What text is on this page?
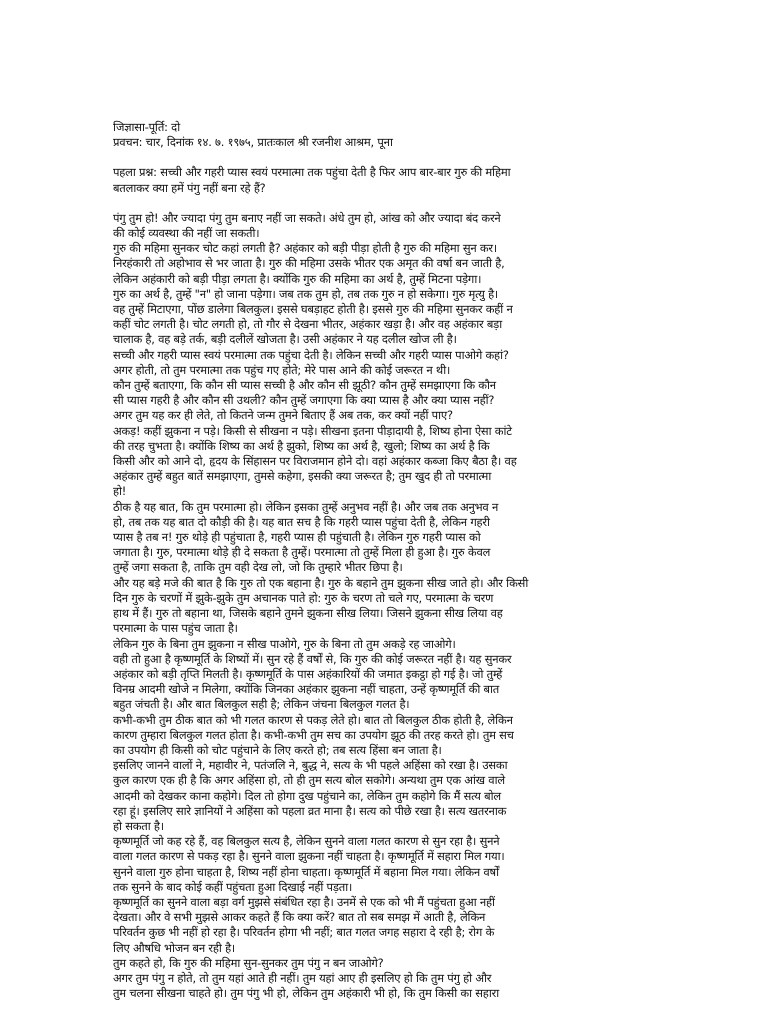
जिज्ञासा-पूर्ति: दो
प्रवचन: चार, दिनांक १४. ७. १९७५, प्रातःकाल श्री रजनीश आश्रम, पूना
पहला प्रश्न: सच्ची और गहरी प्यास स्वयं परमात्मा तक पहुंचा देती है फिर आप बार-बार गुरु की महिमा
बतलाकर क्या हमें पंगु नहीं बना रहे हैं?
पंगु तुम हो! और ज्यादा पंगु तुम बनाए नहीं जा सकते। अंधे तुम हो, आंख को और ज्यादा बंद करने
की कोई व्यवस्था की नहीं जा सकती।
गुरु की महिमा सुनकर चोट कहां लगती है? अहंकार को बड़ी पीड़ा होती है गुरु की महिमा सुन कर।
निरहंकारी तो अहोभाव से भर जाता है। गुरु की महिमा उसके भीतर एक अमृत की वर्षा बन जाती है,
लेकिन अहंकारी को बड़ी पीड़ा लगता है। क्योंकि गुरु की महिमा का अर्थ है, तुम्हें मिटना पड़ेगा।
गुरु का अर्थ है, तुम्हें "न" हो जाना पड़ेगा। जब तक तुम हो, तब तक गुरु न हो सकेगा। गुरु मृत्यु है।
वह तुम्हें मिटाएगा, पोंछ डालेगा बिलकुल। इससे घबड़ाहट होती है। इससे गुरु की महिमा सुनकर कहीं न
कहीं चोट लगती है। चोट लगती हो, तो गौर से देखना भीतर, अहंकार खड़ा है। और वह अहंकार बड़ा
चालाक है, वह बड़े तर्क, बड़ी दलीलें खोजता है। उसी अहंकार ने यह दलील खोज ली है।
सच्ची और गहरी प्यास स्वयं परमात्मा तक पहुंचा देती है। लेकिन सच्ची और गहरी प्यास पाओगे कहां?
अगर होती, तो तुम परमात्मा तक पहुंच गए होते; मेरे पास आने की कोई जरूरत न थी।
कौन तुम्हें बताएगा, कि कौन सी प्यास सच्ची है और कौन सी झूठी? कौन तुम्हें समझाएगा कि कौन
सी प्यास गहरी है और कौन सी उथली? कौन तुम्हें जगाएगा कि क्या प्यास है और क्या प्यास नहीं?
अगर तुम यह कर ही लेते, तो कितने जन्म तुमने बिताए हैं अब तक, कर क्यों नहीं पाए?
अकड़! कहीं झुकना न पड़े। किसी से सीखना न पड़े। सीखना इतना पीड़ादायी है, शिष्य होना ऐसा कांटे
की तरह चुभता है। क्योंकि शिष्य का अर्थ है झुको, शिष्य का अर्थ है, खुलो; शिष्य का अर्थ है कि
किसी और को आने दो, हृदय के सिंहासन पर विराजमान होने दो। वहां अहंकार कब्जा किए बैठा है। वह
अहंकार तुम्हें बहुत बातें समझाएगा, तुमसे कहेगा, इसकी क्या जरूरत है; तुम खुद ही तो परमात्मा
हो!
ठीक है यह बात, कि तुम परमात्मा हो। लेकिन इसका तुम्हें अनुभव नहीं है। और जब तक अनुभव न
हो, तब तक यह बात दो कौड़ी की है। यह बात सच है कि गहरी प्यास पहुंचा देती है, लेकिन गहरी
प्यास है तब न! गुरु थोड़े ही पहुंचाता है, गहरी प्यास ही पहुंचाती है। लेकिन गुरु गहरी प्यास को
जगाता है। गुरु, परमात्मा थोड़े ही दे सकता है तुम्हें। परमात्मा तो तुम्हें मिला ही हुआ है। गुरु केवल
तुम्हें जगा सकता है, ताकि तुम वही देख लो, जो कि तुम्हारे भीतर छिपा है।
और यह बड़े मजे की बात है कि गुरु तो एक बहाना है। गुरु के बहाने तुम झुकना सीख जाते हो। और किसी
दिन गुरु के चरणों में झुके-झुके तुम अचानक पाते हो: गुरु के चरण तो चले गए, परमात्मा के चरण
हाथ में हैं। गुरु तो बहाना था, जिसके बहाने तुमने झुकना सीख लिया। जिसने झुकना सीख लिया वह
परमात्मा के पास पहुंच जाता है।
लेकिन गुरु के बिना तुम झुकना न सीख पाओगे, गुरु के बिना तो तुम अकड़े रह जाओगे।
वही तो हुआ है कृष्णमूर्ति के शिष्यों में। सुन रहे हैं वर्षों से, कि गुरु की कोई जरूरत नहीं है। यह सुनकर
अहंकार को बड़ी तृप्ति मिलती है। कृष्णमूर्ति के पास अहंकारियों की जमात इकट्ठा हो गई है। जो तुम्हें
विनम्र आदमी खोजे न मिलेगा, क्योंकि जिनका अहंकार झुकना नहीं चाहता, उन्हें कृष्णमूर्ति की बात
बहुत जंचती है। और बात बिलकुल सही है; लेकिन जंचना बिलकुल गलत है।
कभी-कभी तुम ठीक बात को भी गलत कारण से पकड़ लेते हो। बात तो बिलकुल ठीक होती है, लेकिन
कारण तुम्हारा बिलकुल गलत होता है। कभी-कभी तुम सच का उपयोग झूठ की तरह करते हो। तुम सच
का उपयोग ही किसी को चोट पहुंचाने के लिए करते हो; तब सत्य हिंसा बन जाता है।
इसलिए जानने वालों ने, महावीर ने, पतंजलि ने, बुद्ध ने, सत्य के भी पहले अहिंसा को रखा है। उसका
कुल कारण एक ही है कि अगर अहिंसा हो, तो ही तुम सत्य बोल सकोगे। अन्यथा तुम एक आंख वाले
आदमी को देखकर काना कहोगे। दिल तो होगा दुख पहुंचाने का, लेकिन तुम कहोगे कि मैं सत्य बोल
रहा हूं। इसलिए सारे ज्ञानियों ने अहिंसा को पहला व्रत माना है। सत्य को पीछे रखा है। सत्य खतरनाक
हो सकता है।
कृष्णमूर्ति जो कह रहे हैं, वह बिलकुल सत्य है, लेकिन सुनने वाला गलत कारण से सुन रहा है। सुनने
वाला गलत कारण से पकड़ रहा है। सुनने वाला झुकना नहीं चाहता है। कृष्णमूर्ति में सहारा मिल गया।
सुनने वाला गुरु होना चाहता है, शिष्य नहीं होना चाहता। कृष्णमूर्ति में बहाना मिल गया। लेकिन वर्षों
तक सुनने के बाद कोई कहीं पहुंचता हुआ दिखाई नहीं पड़ता।
कृष्णमूर्ति का सुनने वाला बड़ा वर्ग मुझसे संबंधित रहा है। उनमें से एक को भी मैं पहुंचता हुआ नहीं
देखता। और वे सभी मुझसे आकर कहते हैं कि क्या करें? बात तो सब समझ में आती है, लेकिन
परिवर्तन कुछ भी नहीं हो रहा है। परिवर्तन होगा भी नहीं; बात गलत जगह सहारा दे रही है; रोग के
लिए औषधि भोजन बन रही है।
तुम कहते हो, कि गुरु की महिमा सुन-सुनकर तुम पंगु न बन जाओगे?
अगर तुम पंगु न होते, तो तुम यहां आते ही नहीं। तुम यहां आए ही इसलिए हो कि तुम पंगु हो और
तुम चलना सीखना चाहते हो। तुम पंगु भी हो, लेकिन तुम अहंकारी भी हो, कि तुम किसी का सहारा
